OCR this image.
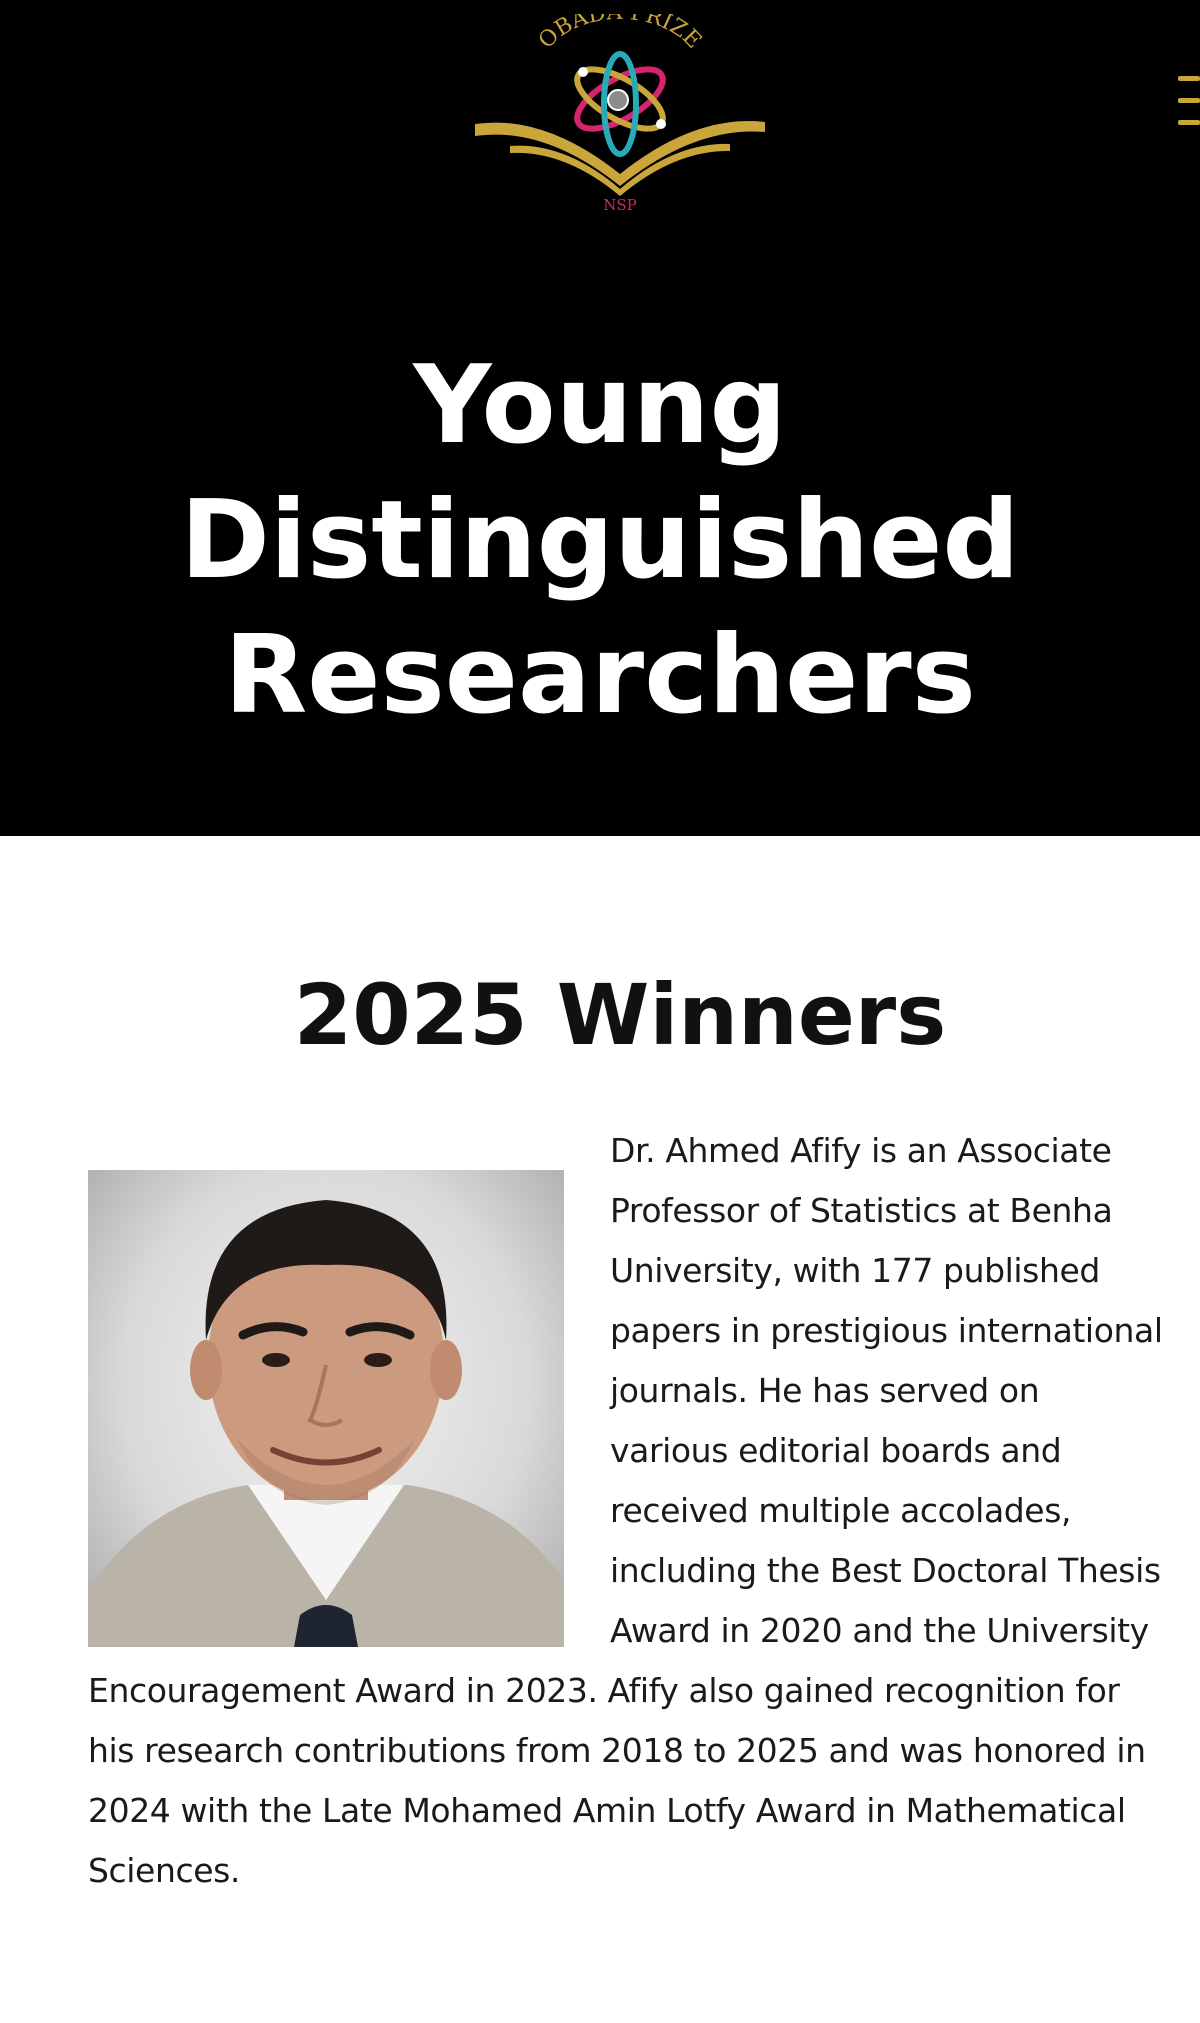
OBAD RIZE
NSP
Young
Distinguished
Researchers
2025 Winners
Dr. Ahmed Afify is an Associate Professor of Statistics at Benha University, with 177 published papers in prestigious international journals. He has served on various editorial boards and received multiple accolades, including the Best Doctoral Thesis Award in 2020 and the University Encouragement Award in 2023. Afify also gained recognition for his research contributions from 2018 to 2025 and was honored in 2024 with the Late Mohamed Amin Lotfy Award in Mathematical Sciences.
